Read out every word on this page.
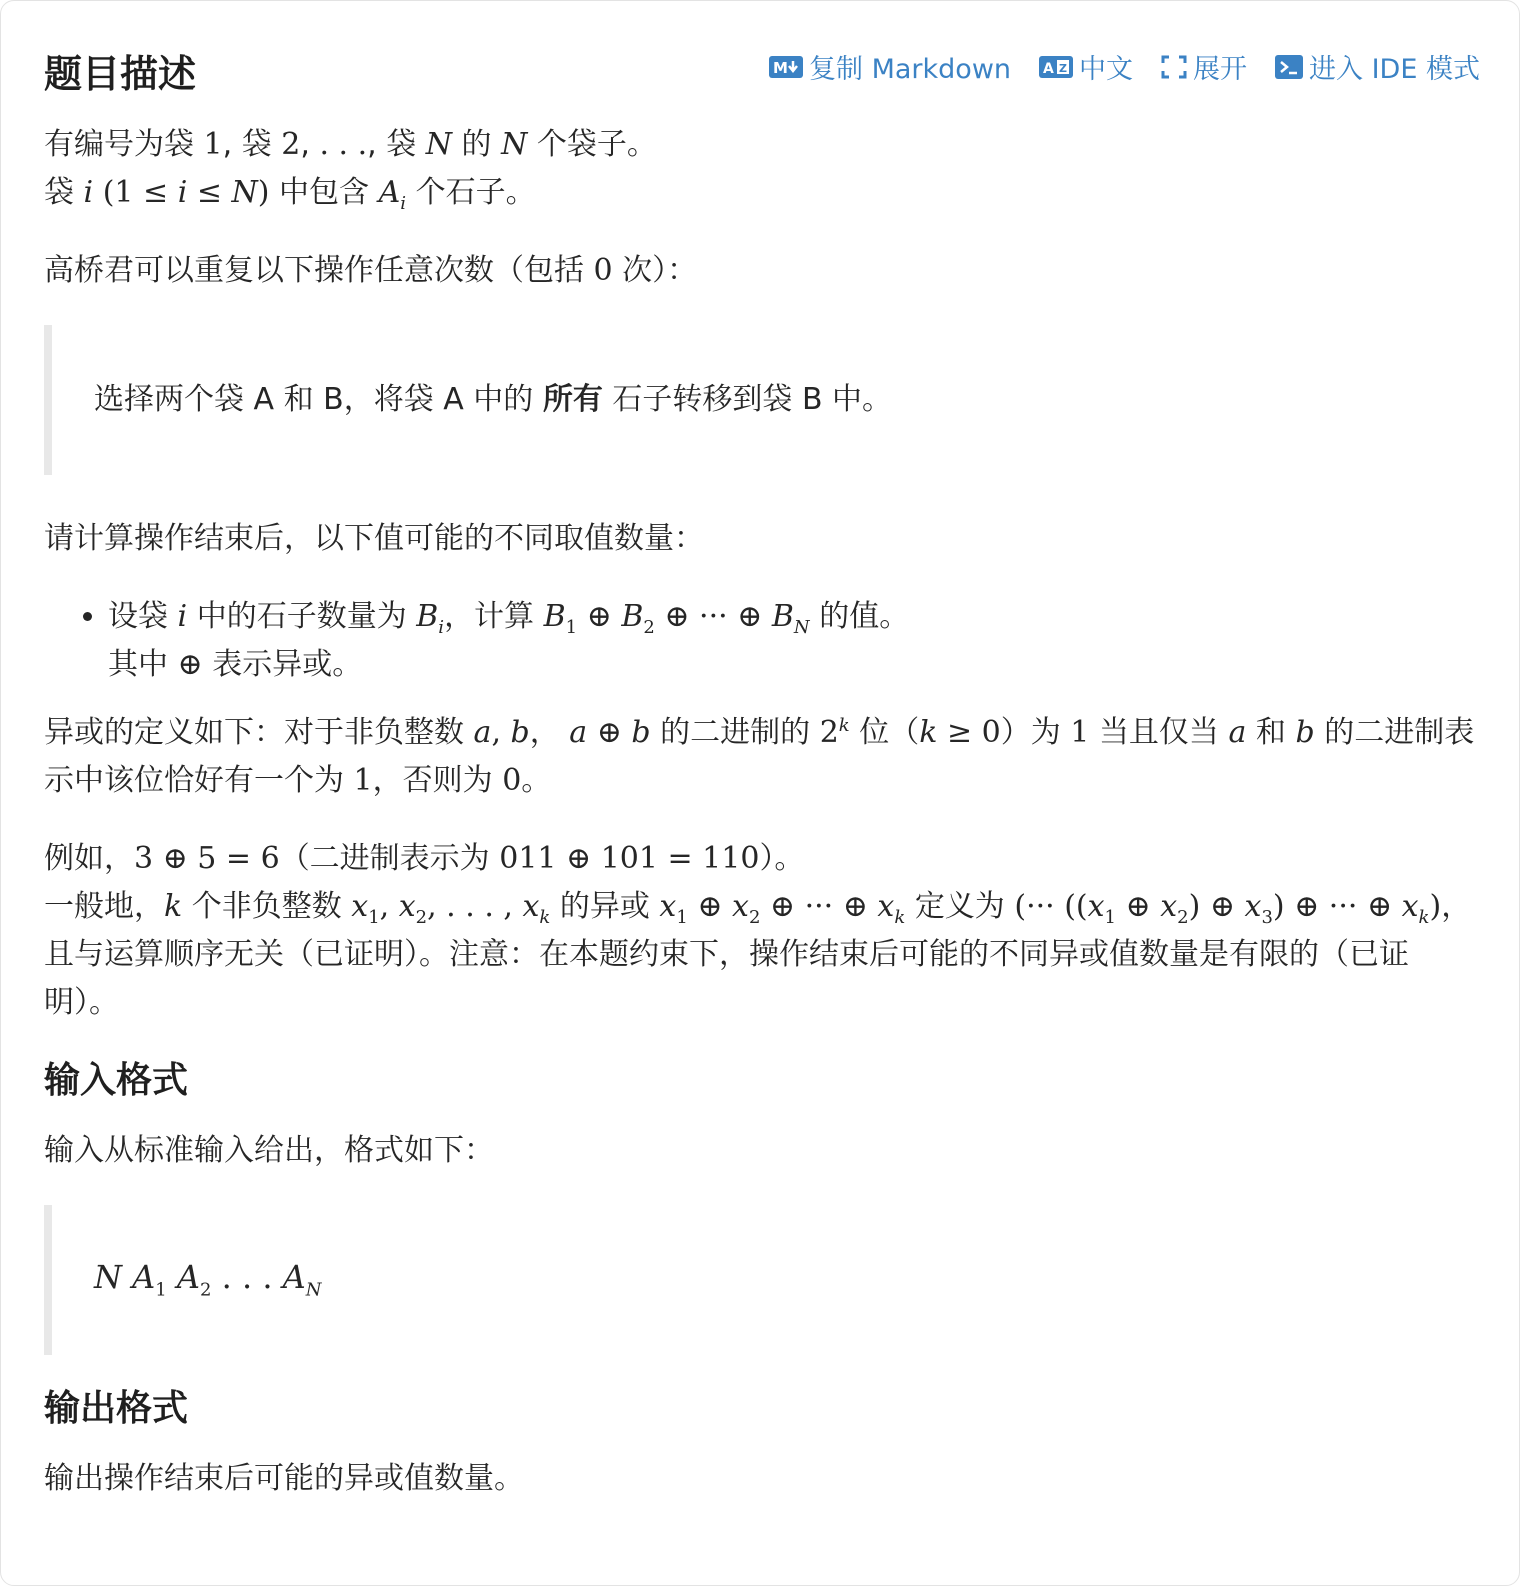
题目描述	M 复制 Markdown A Z 中文 展开 进入 IDE 模式
有编号为袋 1, 袋 2, . . ., 袋 N 的 N 个袋子。
袋 i (1 ≤ i ≤ N) 中包含 $A_i$ 个石子。
高桥君可以重复以下操作任意次数（包括 0 次）：
选择两个袋 A 和 B，将袋 A 中的 所有 石子转移到袋 B 中。
请计算操作结束后，以下值可能的不同取值数量：
• 设袋 i 中的石子数量为 $B_i$，计算 $B_1$ ⊕ $B_2$ ⊕ ··· ⊕ $B_N$ 的值。
其中 ⊕ 表示异或。
异或的定义如下：对于非负整数 a, b， a ⊕ b 的二进制的 2$^k$ 位（k ≥ 0）为 1 当且仅当 a 和 b 的二进制表示中该位恰好有一个为 1，否则为 0。
例如，3 ⊕ 5 = 6（二进制表示为 011 ⊕ 101 = 110）。
一般地，k 个非负整数 $x_1$, $x_2$, . . . , $x_k$ 的异或 $x_1$ ⊕ $x_2$ ⊕ ··· ⊕ $x_k$ 定义为 (··· (($x_1$ ⊕ $x_2$) ⊕ $x_3$) ⊕ ··· ⊕ $x_k$)，且与运算顺序无关（已证明）。注意：在本题约束下，操作结束后可能的不同异或值数量是有限的（已证明）。
输入格式
输入从标准输入给出，格式如下：
N $A_1$ $A_2$ . . . $A_N$
输出格式
输出操作结束后可能的异或值数量。
